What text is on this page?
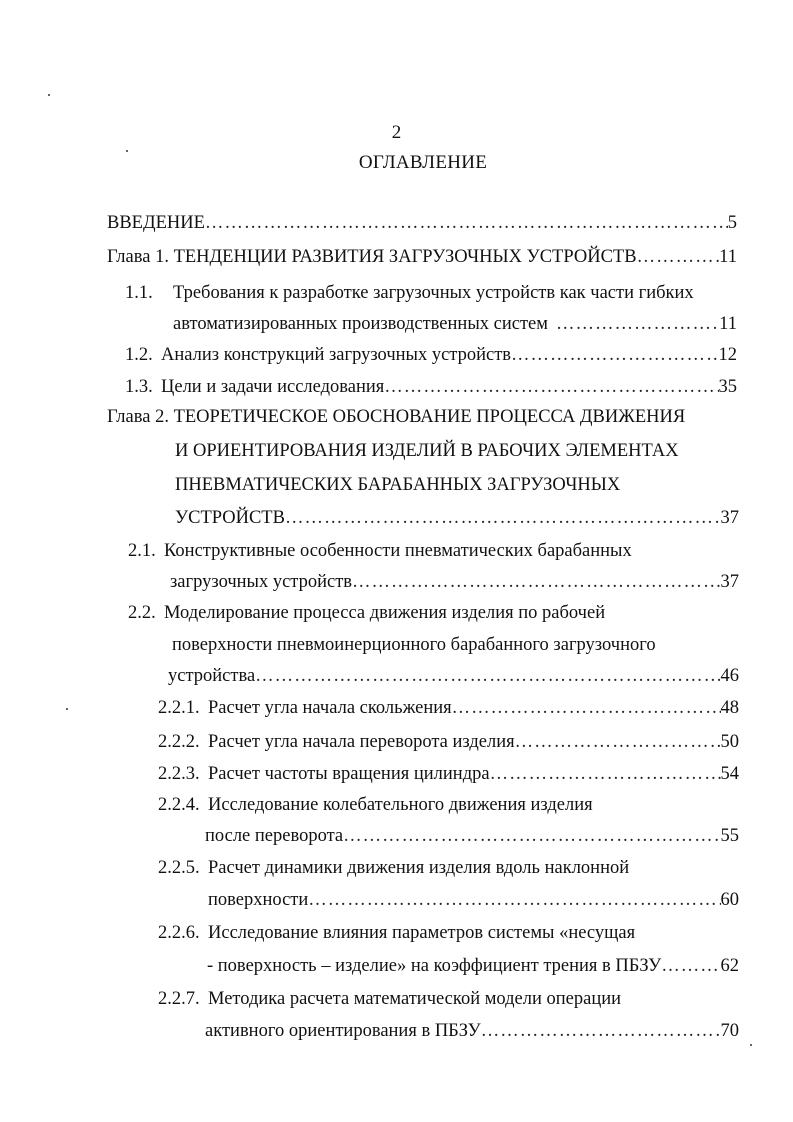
2
ОГЛАВЛЕНИЕ
ВВЕДЕНИЕ …………………………………………………………………………………………………………………………………………………………………………………	5
Глава 1. ТЕНДЕНЦИИ РАЗВИТИЯ ЗАГРУЗОЧНЫХ УСТРОЙСТВ …………………………………………………………………………………………………………………………………………………………………………………	11
1.1. Требования к разработке загрузочных устройств как части гибких
автоматизированных производственных систем …………………………………………………………………………………………………………………………………………………………………………………	11
1.2. Анализ конструкций загрузочных устройств …………………………………………………………………………………………………………………………………………………………………………………	12
1.3. Цели и задачи исследования …………………………………………………………………………………………………………………………………………………………………………………	35
Глава 2. ТЕОРЕТИЧЕСКОЕ ОБОСНОВАНИЕ ПРОЦЕССА ДВИЖЕНИЯ
И ОРИЕНТИРОВАНИЯ ИЗДЕЛИЙ В РАБОЧИХ ЭЛЕМЕНТАХ
ПНЕВМАТИЧЕСКИХ БАРАБАННЫХ ЗАГРУЗОЧНЫХ
УСТРОЙСТВ …………………………………………………………………………………………………………………………………………………………………………………	37
2.1. Конструктивные особенности пневматических барабанных
загрузочных устройств …………………………………………………………………………………………………………………………………………………………………………………	37
2.2. Моделирование процесса движения изделия по рабочей
поверхности пневмоинерционного барабанного загрузочного
устройства …………………………………………………………………………………………………………………………………………………………………………………	46
2.2.1. Расчет угла начала скольжения …………………………………………………………………………………………………………………………………………………………………………………	48
2.2.2. Расчет угла начала переворота изделия …………………………………………………………………………………………………………………………………………………………………………………	50
2.2.3. Расчет частоты вращения цилиндра …………………………………………………………………………………………………………………………………………………………………………………	54
2.2.4. Исследование колебательного движения изделия
после переворота …………………………………………………………………………………………………………………………………………………………………………………	55
2.2.5. Расчет динамики движения изделия вдоль наклонной
поверхности …………………………………………………………………………………………………………………………………………………………………………………	60
2.2.6. Исследование влияния параметров системы «несущая
- поверхность – изделие» на коэффициент трения в ПБЗУ …………………………………………………………………………………………………………………………………………………………………………………	62
2.2.7. Методика расчета математической модели операции
активного ориентирования в ПБЗУ …………………………………………………………………………………………………………………………………………………………………………………	70
